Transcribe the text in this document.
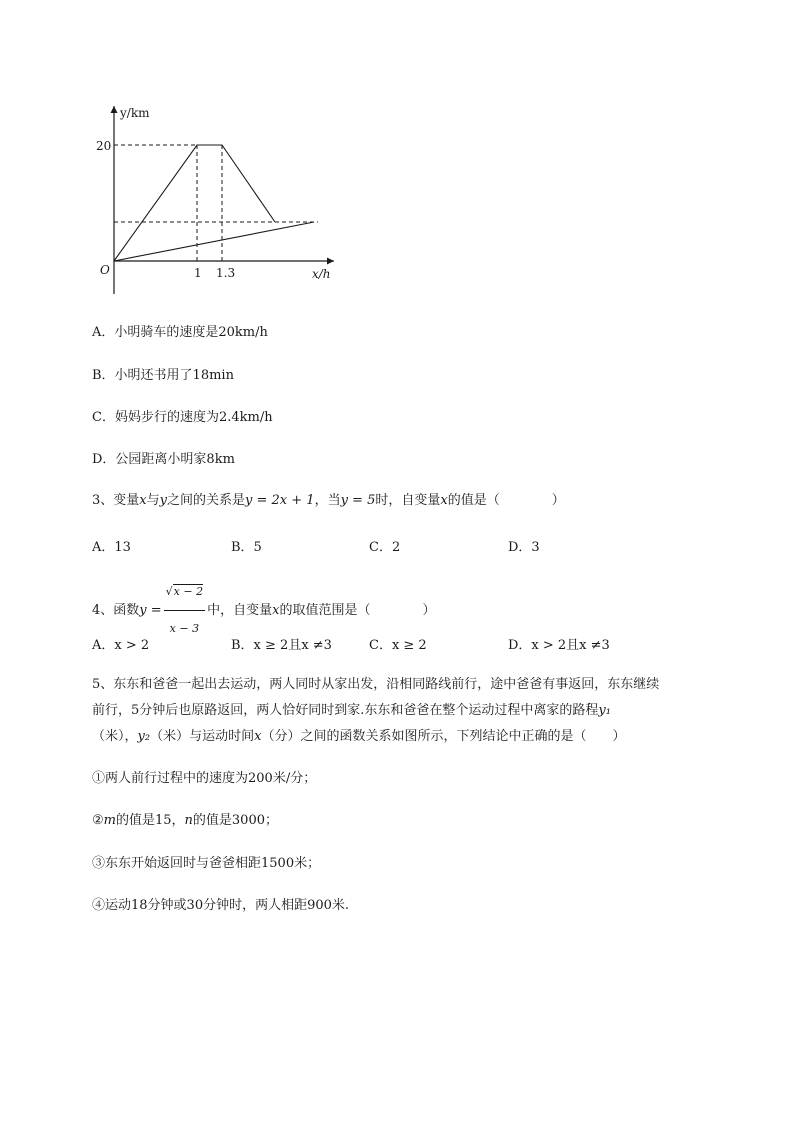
y/km
x/h
O
20
1 1.3
A．小明骑车的速度是20km/h
B．小明还书用了18min
C．妈妈步行的速度为2.4km/h
D．公园距离小明家8km
3、变量x与y之间的关系是y = 2x + 1，当y = 5时，自变量x的值是（　　　　）
A．13	B．5	C．2	D．3
4、函数$y = \frac{√x - 2}{x - 3}$ 中，自变量x的取值范围是（　　　　）
A．x > 2	B．x ≥ 2且x ≠3	C．x ≥ 2	D．x > 2且x ≠3
5、东东和爸爸一起出去运动，两人同时从家出发，沿相同路线前行，途中爸爸有事返回，东东继续
前行，5分钟后也原路返回，两人恰好同时到家.东东和爸爸在整个运动过程中离家的路程y₁
（米），y₂（米）与运动时间x（分）之间的函数关系如图所示，下列结论中正确的是（　　）
①两人前行过程中的速度为200米/分；
②m的值是15，n的值是3000；
③东东开始返回时与爸爸相距1500米；
④运动18分钟或30分钟时，两人相距900米.
